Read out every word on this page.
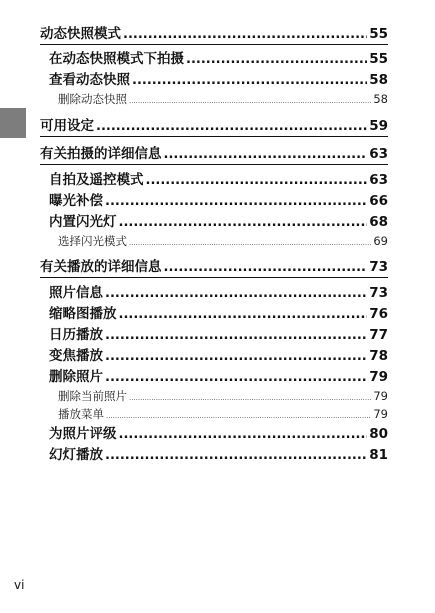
动态快照模式 .....	55
在动态快照模式下拍摄 .....	55
查看动态快照 .....	58
删除动态快照 .....	58
可用设定 .....	59
有关拍摄的详细信息 .....	63
自拍及遥控模式 .....	63
曝光补偿 .....	66
内置闪光灯 .....	68
选择闪光模式 .....	69
有关播放的详细信息 .....	73
照片信息 .....	73
缩略图播放 .....	76
日历播放 .....	77
变焦播放 .....	78
删除照片 .....	79
删除当前照片 .....	79
播放菜单 .....	79
为照片评级 .....	80
幻灯播放 .....	81
vi
